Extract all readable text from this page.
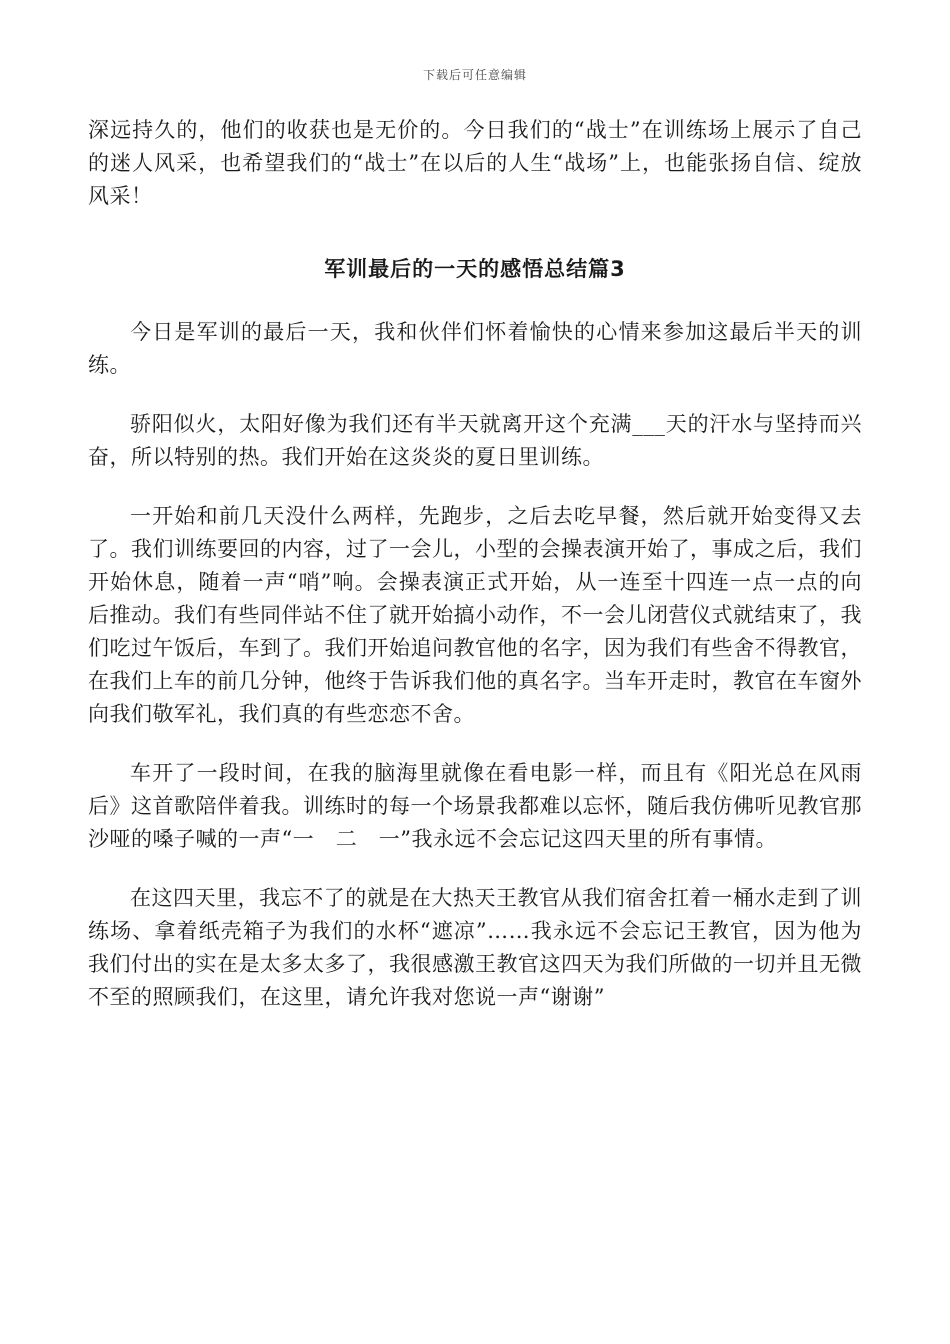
下载后可任意编辑

深远持久的，他们的收获也是无价的。今日我们的“战士”在训练场上展示了自己的迷人风采，也希望我们的“战士”在以后的人生“战场”上，也能张扬自信、绽放风采！

军训最后的一天的感悟总结篇3

今日是军训的最后一天，我和伙伴们怀着愉快的心情来参加这最后半天的训练。

骄阳似火，太阳好像为我们还有半天就离开这个充满___天的汗水与坚持而兴奋，所以特别的热。我们开始在这炎炎的夏日里训练。

一开始和前几天没什么两样，先跑步，之后去吃早餐，然后就开始变得又去了。我们训练要回的内容，过了一会儿，小型的会操表演开始了，事成之后，我们开始休息，随着一声“哨”响。会操表演正式开始，从一连至十四连一点一点的向后推动。我们有些同伴站不住了就开始搞小动作，不一会儿闭营仪式就结束了，我们吃过午饭后，车到了。我们开始追问教官他的名字，因为我们有些舍不得教官，在我们上车的前几分钟，他终于告诉我们他的真名字。当车开走时，教官在车窗外向我们敬军礼，我们真的有些恋恋不舍。

车开了一段时间，在我的脑海里就像在看电影一样，而且有《阳光总在风雨后》这首歌陪伴着我。训练时的每一个场景我都难以忘怀，随后我仿佛听见教官那沙哑的嗓子喊的一声“一　二　一”我永远不会忘记这四天里的所有事情。

在这四天里，我忘不了的就是在大热天王教官从我们宿舍扛着一桶水走到了训练场、拿着纸壳箱子为我们的水杯“遮凉”……我永远不会忘记王教官，因为他为我们付出的实在是太多太多了，我很感激王教官这四天为我们所做的一切并且无微不至的照顾我们，在这里，请允许我对您说一声“谢谢”
